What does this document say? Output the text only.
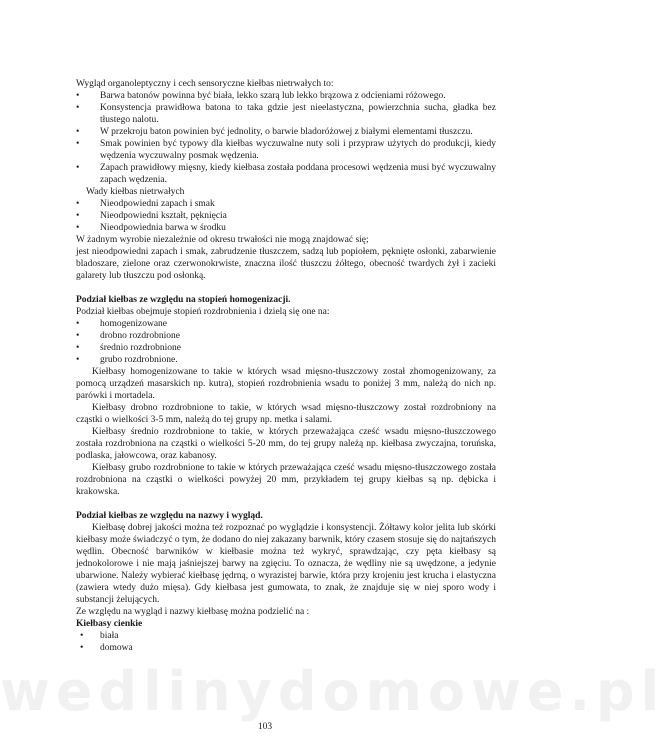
Wygląd organoleptyczny i cech sensoryczne kiełbas nietrwałych to:

• Barwa batonów powinna być biała, lekko szarą lub lekko brązowa z odcieniami różowego.
• Konsystencja prawidłowa batona to taka gdzie jest nieelastyczna, powierzchnia sucha, gładka bez tłustego nalotu.
• W przekroju baton powinien być jednolity, o barwie bladoróżowej z białymi elementami tłuszczu.
• Smak powinien być typowy dla kiełbas wyczuwalne nuty soli i przypraw użytych do produkcji, kiedy wędzenia wyczuwalny posmak wędzenia.
• Zapach prawidłowy mięsny, kiedy kiełbasa została poddana procesowi wędzenia musi być wyczuwalny zapach wędzenia.

Wady kiełbas nietrwałych

• Nieodpowiedni zapach i smak
• Nieodpowiedni kształt, pęknięcia
• Nieodpowiednia barwa w środku

W żadnym wyrobie niezależnie od okresu trwałości nie mogą znajdować się;

jest nieodpowiedni zapach i smak, zabrudzenie tłuszczem, sadzą lub popiołem, pęknięte osłonki, zabarwienie bladoszare, zielone oraz czerwonokrwiste, znaczna ilość tłuszczu żółtego, obecność twardych żył i zacieki galarety lub tłuszczu pod osłonką.

Podział kiełbas ze względu na stopień homogenizacji.

Podział kiełbas obejmuje stopień rozdrobnienia i dzielą się one na:

• homogenizowane
• drobno rozdrobnione
• średnio rozdrobnione
• grubo rozdrobnione.

Kiełbasy homogenizowane to takie w których wsad mięsno-tłuszczowy został zhomogenizowany, za pomocą urządzeń masarskich np. kutra), stopień rozdrobnienia wsadu to poniżej 3 mm, należą do nich np. parówki i mortadela.

Kiełbasy drobno rozdrobnione to takie, w których wsad mięsno-tłuszczowy został rozdrobniony na cząstki o wielkości 3-5 mm, należą do tej grupy np. metka i salami.

Kiełbasy średnio rozdrobnione to takie, w których przeważająca cześć wsadu mięsno-tłuszczowego została rozdrobniona na cząstki o wielkości 5-20 mm, do tej grupy należą np. kiełbasa zwyczajna, toruńska, podlaska, jałowcowa, oraz kabanosy.

Kiełbasy grubo rozdrobnione to takie w których przeważająca cześć wsadu mięsno-tłuszczowego została rozdrobniona na cząstki o wielkości powyżej 20 mm, przykładem tej grupy kiełbas są np. dębicka i krakowska.

Podział kiełbas ze względu na nazwy i wygląd.

Kiełbasę dobrej jakości można też rozpoznać po wyglądzie i konsystencji. Żółtawy kolor jelita lub skórki kiełbasy może świadczyć o tym, że dodano do niej zakazany barwnik, który czasem stosuje się do najtańszych wędlin. Obecność barwników w kiełbasie można też wykryć, sprawdzając, czy pęta kiełbasy są jednokolorowe i nie mają jaśniejszej barwy na zgięciu. To oznacza, że wędliny nie są uwędzone, a jedynie ubarwione. Należy wybierać kiełbasę jędrną, o wyrazistej barwie, która przy krojeniu jest krucha i elastyczna (zawiera wtedy dużo mięsa). Gdy kiełbasa jest gumowata, to znak, że znajduje się w niej sporo wody i substancji żelujących.

Ze względu na wygląd i nazwy kiełbasę można podzielić na :

Kiełbasy cienkie

• biała
• domowa
wedlinydomowe.pl
103
